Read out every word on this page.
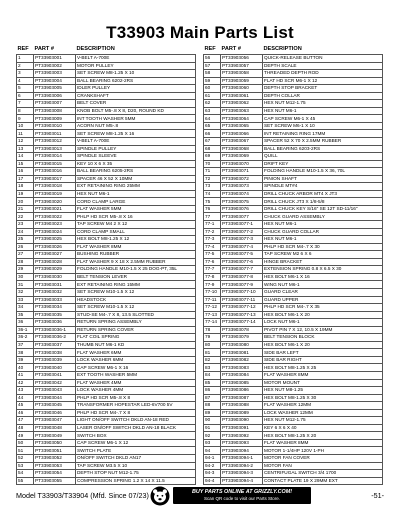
T33903 Main Parts List
REF	PART #	DESCRIPTION
1	PT33903001	V-BELT A-700E
2	PT33903002	MOTOR PULLEY
3	PT33903003	SET SCREW M8-1.25 X 10
4	PT33903004	BALL BEARING 6202-2RS
5	PT33903005	IDLER PULLEY
6	PT33903006	CRANKSHAFT
7	PT33903007	BELT COVER
8	PT33903008	KNOB BOLT M5-.8 X 8, D20, ROUND KD
9	PT33903009	INT TOOTH WASHER 5MM
10	PT33903010	ACORN NUT M5-.8
11	PT33903011	SET SCREW M8-1.25 X 16
12	PT33903012	V-BELT A-700E
13	PT33903013	SPINDLE PULLEY
14	PT33903014	SPINDLE SLEEVE
15	PT33903015	KEY 10 X 6 X 35
16	PT33903016	BALL BEARING 6205-2RS
17	PT33903017	SPACER 46 X 52 X 10MM
18	PT33903018	EXT RETAINING RING 25MM
19	PT33903019	HEX NUT M6-1
20	PT33903020	CORD CLAMP LARGE
21	PT33903021	FLAT WASHER 5MM
22	PT33903022	PHLP HD SCR M5-.8 X 16
23	PT33903023	TAP SCREW M4 2 X 12
24	PT33903024	CORD CLAMP SMALL
25	PT33903025	HEX BOLT M8-1.25 X 12
26	PT33903026	FLAT WASHER 8MM
27	PT33903027	BUSHING RUBBER
28	PT33903028	FLAT WASHER 9 X 18 X 2.5MM RUBBER
29	PT33903029	FOLDING HANDLE M10-1.5 X 25 DOG-PT, 35L
30	PT33903030	BELT TENSION LEVER
31	PT33903031	EXT RETAINING RING 15MM
32	PT33903032	SET SCREW M10-1.5 X 12
33	PT33903033	HEADSTOCK
34	PT33903034	SET SCREW M10-1.5 X 12
35	PT33903035	STUD-SE M4-.7 X 8, 13.5 SLOTTED
36	PT33903036	RETURN SPRING ASSEMBLY
36-1	PT33903036-1	RETURN SPRING COVER
36-2	PT33903036-2	FLAT COIL SPRING
37	PT33903037	THUMB NUT M6-1 KD
38	PT33903038	FLAT WASHER 6MM
39	PT33903039	LOCK WASHER 6MM
40	PT33903040	CAP SCREW M6-1 X 16
41	PT33903041	EXT TOOTH WASHER 5MM
42	PT33903042	FLAT WASHER 4MM
43	PT33903043	LOCK WASHER 4MM
44	PT33903044	PHLP HD SCR M5-.8 X 8
45	PT33903045	TRANSFORMER HOPESTAR LED-6V700 5V
46	PT33903046	PHLP HD SCR M4-.7 X 8
47	PT33903047	LIGHT ON/OFF SWITCH DKLD AN-18 RED
48	PT33903048	LASER ON/OFF SWITCH DKLD AN-18 BLACK
49	PT33903049	SWITCH BOX
50	PT33903050	CAP SCREW M6-1 X 12
51	PT33903051	SWITCH PLATE
52	PT33903052	ON/OFF SWITCH DKLD AN17
53	PT33903053	TAP SCREW M3.5 X 10
54	PT33903054	DEPTH STOP NUT M12-1.75
55	PT33903055	COMPRESSION SPRING 1.2 X 14 X 11.5
REF	PART #	DESCRIPTION
56	PT33903056	QUICK-RELEASE BUTTON
57	PT33903057	DEPTH SCALE
58	PT33903058	THREADED DEPTH ROD
59	PT33903059	FLAT HD SCR M6-1 X 12
60	PT33903060	DEPTH STOP BRACKET
61	PT33903061	DEPTH COLLAR
62	PT33903062	HEX NUT M12-1.75
63	PT33903063	HEX NUT M6-1
64	PT33903064	CAP SCREW M6-1 X 45
65	PT33903065	SET SCREW M6-1 X 10
66	PT33903066	INT RETAINING RING 17MM
67	PT33903067	SPACER 52 X 70 X 2.5MM RUBBER
68	PT33903068	BALL BEARING 6203-2RS
69	PT33903069	QUILL
70	PT33903070	DRIFT KEY
71	PT33903071	FOLDING HANDLE M10-1.5 X 36, 70L
72	PT33903072	PINION SHAFT
73	PT33903073	SPINDLE MT#4
74	PT33903074	DRILL CHUCK ARBOR MT4 X JT3
75	PT33903075	DRILL CHUCK JT3 X 1/8-5/8
76	PT33903076	DRILL CHUCK KEY S/16" SE 12T SD-11/16"
77	PT33903077	CHUCK GUARD ASSEMBLY
77-1	PT33903077-1	HEX NUT M6-1
77-2	PT33903077-2	CHUCK GUARD COLLAR
77-3	PT33903077-3	HEX NUT M6-1
77-4	PT33903077-4	PHLP HD SCR M4-.7 X 30
77-5	PT33903077-5	TAP SCREW M2 6 X 6
77-6	PT33903077-6	HINGE BRACKET
77-7	PT33903077-7	EXTENSION SPRING 0.8 X 6.5 X 30
77-8	PT33903077-8	HEX BOLT M6-1 X 16
77-9	PT33903077-9	WING NUT M6-1
77-10	PT33903077-10	GUARD CLEAR
77-11	PT33903077-11	GUARD UPPER
77-12	PT33903077-12	PHLP HD SCR M4-.7 X 35
77-13	PT33903077-13	HEX BOLT M6-1 X 20
77-14	PT33903077-14	LOCK NUT M6-1
78	PT33903078	PIVOT PIN 7 X 12, 10.5 X 19MM
79	PT33903079	BELT TENSION BLOCK
80	PT33903080	HEX BOLT M6-1 X 20
81	PT33903081	SIDE BAR LEFT
82	PT33903082	SIDE BAR RIGHT
83	PT33903083	HEX BOLT M8-1.25 X 25
84	PT33903084	FLAT WASHER 8MM
85	PT33903085	MOTOR MOUNT
86	PT33903086	HEX NUT M8-1.25
87	PT33903087	HEX BOLT M8-1.25 X 30
88	PT33903088	FLAT WASHER 12MM
89	PT33903089	LOCK WASHER 12MM
90	PT33903090	HEX NUT M12-1.75
91	PT33903091	KEY 6 X 6 X 40
92	PT33903092	HEX BOLT M8-1.25 X 20
93	PT33903093	FLAT WASHER 8MM
94	PT33903094	MOTOR 1-1/4HP 120V 1-PH
94-1	PT33903094-1	MOTOR FAN COVER
94-2	PT33903094-2	MOTOR FAN
94-3	PT33903094-3	CENTRIFUGAL SWITCH 3/4 1700
94-4	PT33903094-4	CONTACT PLATE 19 X 29MM EXT
Model T33903/T33904 (Mfd. Since 07/23)	BUY PARTS ONLINE AT GRIZZLY.COM!
Scan QR code to visit our Parts Store.	-51-
